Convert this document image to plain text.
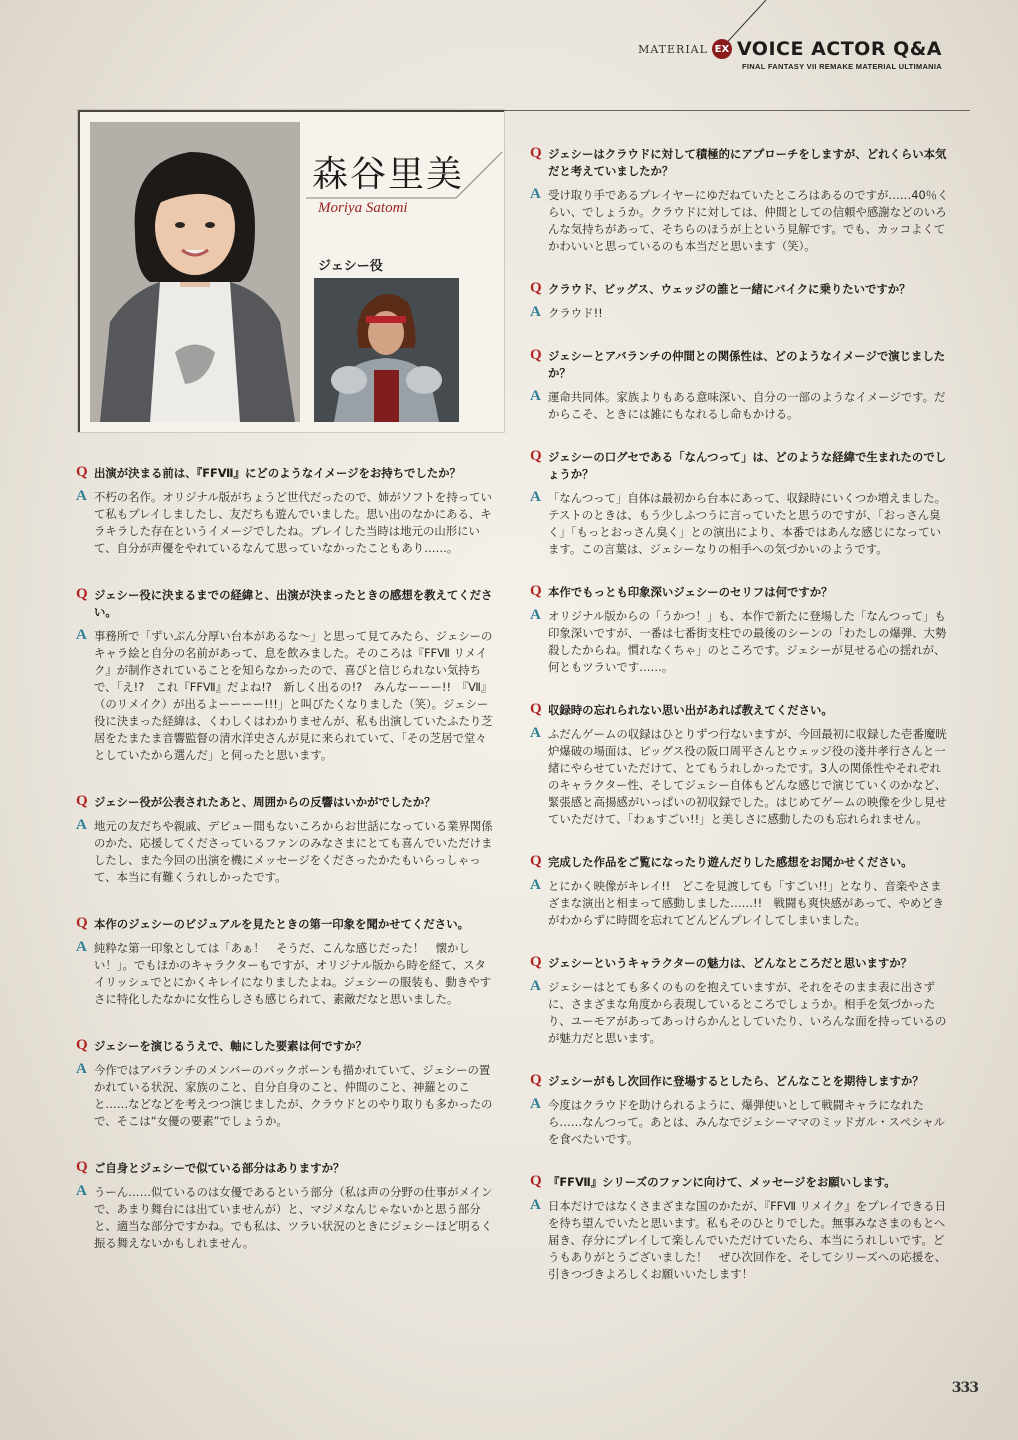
MATERIAL EX VOICE ACTOR Q&A
FINAL FANTASY VII REMAKE MATERIAL ULTIMANIA
森谷里美
Moriya Satomi
ジェシー役
Q 出演が決まる前は、『FFⅦ』にどのようなイメージをお持ちでしたか？
A 不朽の名作。オリジナル版がちょうど世代だったので、姉がソフトを持っていて私もプレイしましたし、友だちも遊んでいました。思い出のなかにある、キラキラした存在というイメージでしたね。プレイした当時は地元の山形にいて、自分が声優をやれているなんて思っていなかったこともあり……。
Q ジェシー役に決まるまでの経緯と、出演が決まったときの感想を教えてください。
A 事務所で「ずいぶん分厚い台本があるな～」と思って見てみたら、ジェシーのキャラ絵と自分の名前があって、息を飲みました。そのころは『FFⅦ リメイク』が制作されていることを知らなかったので、喜びと信じられない気持ちで、「え!?　これ『FFⅦ』だよね!?　新しく出るの!?　みんなーーー!!　『Ⅶ』（のリメイク）が出るよーーーー!!!」と叫びたくなりました（笑）。ジェシー役に決まった経緯は、くわしくはわかりませんが、私も出演していたふたり芝居をたまたま音響監督の清水洋史さんが見に来られていて、「その芝居で堂々としていたから選んだ」と伺ったと思います。
Q ジェシー役が公表されたあと、周囲からの反響はいかがでしたか？
A 地元の友だちや親戚、デビュー間もないころからお世話になっている業界関係のかた、応援してくださっているファンのみなさまにとても喜んでいただけましたし、また今回の出演を機にメッセージをくださったかたもいらっしゃって、本当に有難くうれしかったです。
Q 本作のジェシーのビジュアルを見たときの第一印象を聞かせてください。
A 純粋な第一印象としては「あぁ！　そうだ、こんな感じだった！　懐かしい！」。でもほかのキャラクターもですが、オリジナル版から時を経て、スタイリッシュでとにかくキレイになりましたよね。ジェシーの服装も、動きやすさに特化したなかに女性らしさも感じられて、素敵だなと思いました。
Q ジェシーを演じるうえで、軸にした要素は何ですか？
A 今作ではアバランチのメンバーのバックボーンも描かれていて、ジェシーの置かれている状況、家族のこと、自分自身のこと、仲間のこと、神羅とのこと……などなどを考えつつ演じましたが、クラウドとのやり取りも多かったので、そこは“女優の要素”でしょうか。
Q ご自身とジェシーで似ている部分はありますか？
A うーん……似ているのは女優であるという部分（私は声の分野の仕事がメインで、あまり舞台には出ていませんが）と、マジメなんじゃないかと思う部分と、適当な部分ですかね。でも私は、ツラい状況のときにジェシーほど明るく振る舞えないかもしれません。
Q ジェシーはクラウドに対して積極的にアプローチをしますが、どれくらい本気だと考えていましたか？
A 受け取り手であるプレイヤーにゆだねていたところはあるのですが……40％くらい、でしょうか。クラウドに対しては、仲間としての信頼や感謝などのいろんな気持ちがあって、そちらのほうが上という見解です。でも、カッコよくてかわいいと思っているのも本当だと思います（笑）。
Q クラウド、ビッグス、ウェッジの誰と一緒にバイクに乗りたいですか？
A クラウド!!
Q ジェシーとアバランチの仲間との関係性は、どのようなイメージで演じましたか？
A 運命共同体。家族よりもある意味深い、自分の一部のようなイメージです。だからこそ、ときには雑にもなれるし命もかける。
Q ジェシーの口グセである「なんつって」は、どのような経緯で生まれたのでしょうか？
A 「なんつって」自体は最初から台本にあって、収録時にいくつか増えました。テストのときは、もう少しふつうに言っていたと思うのですが、「おっさん臭く」「もっとおっさん臭く」との演出により、本番ではあんな感じになっています。この言葉は、ジェシーなりの相手への気づかいのようです。
Q 本作でもっとも印象深いジェシーのセリフは何ですか？
A オリジナル版からの「うかつ！」も、本作で新たに登場した「なんつって」も印象深いですが、一番は七番街支柱での最後のシーンの「わたしの爆弾、大勢殺したからね。慣れなくちゃ」のところです。ジェシーが見せる心の揺れが、何ともツラいです……。
Q 収録時の忘れられない思い出があれば教えてください。
A ふだんゲームの収録はひとりずつ行ないますが、今回最初に収録した壱番魔晄炉爆破の場面は、ビッグス役の阪口周平さんとウェッジ役の淺井孝行さんと一緒にやらせていただけて、とてもうれしかったです。3人の関係性やそれぞれのキャラクター性、そしてジェシー自体もどんな感じで演じていくのかなど、緊張感と高揚感がいっぱいの初収録でした。はじめてゲームの映像を少し見せていただけて、「わぁすごい!!」と美しさに感動したのも忘れられません。
Q 完成した作品をご覧になったり遊んだりした感想をお聞かせください。
A とにかく映像がキレイ!!　どこを見渡しても「すごい!!」となり、音楽やさまざまな演出と相まって感動しました……!!　戦闘も爽快感があって、やめどきがわからずに時間を忘れてどんどんプレイしてしまいました。
Q ジェシーというキャラクターの魅力は、どんなところだと思いますか？
A ジェシーはとても多くのものを抱えていますが、それをそのまま表に出さずに、さまざまな角度から表現しているところでしょうか。相手を気づかったり、ユーモアがあってあっけらかんとしていたり、いろんな面を持っているのが魅力だと思います。
Q ジェシーがもし次回作に登場するとしたら、どんなことを期待しますか？
A 今度はクラウドを助けられるように、爆弾使いとして戦闘キャラになれたら……なんつって。あとは、みんなでジェシーママのミッドガル・スペシャルを食べたいです。
Q 『FFⅦ』シリーズのファンに向けて、メッセージをお願いします。
A 日本だけではなくさまざまな国のかたが、『FFⅦ リメイク』をプレイできる日を待ち望んでいたと思います。私もそのひとりでした。無事みなさまのもとへ届き、存分にプレイして楽しんでいただけていたら、本当にうれしいです。どうもありがとうございました！　ぜひ次回作を、そしてシリーズへの応援を、引きつづきよろしくお願いいたします！
333
